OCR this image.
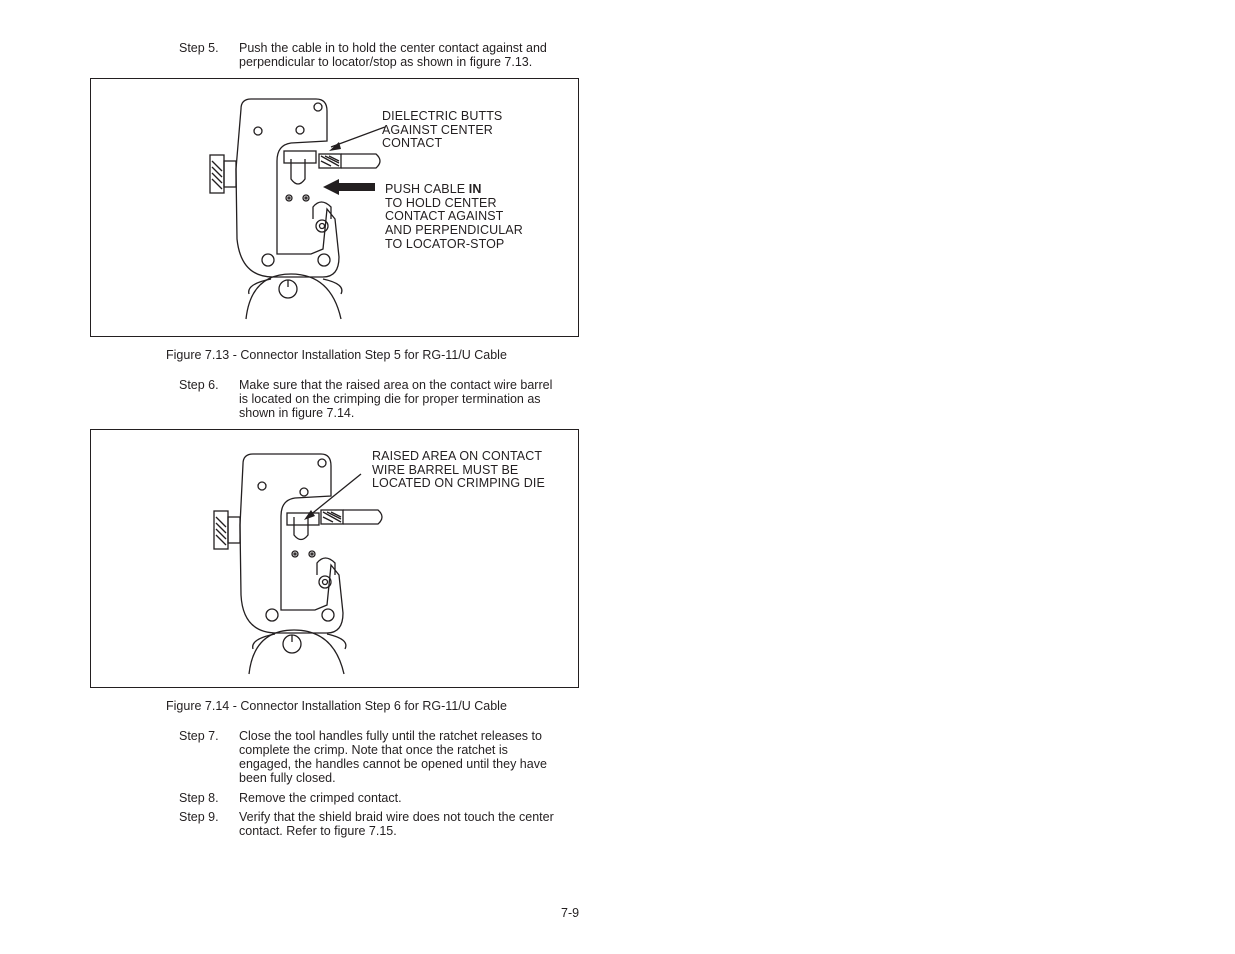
Step 5.	Push the cable in to hold the center contact against and
perpendicular to locator/stop as shown in figure 7.13.
DIELECTRIC BUTTS
AGAINST CENTER
CONTACT
PUSH CABLE IN
TO HOLD CENTER
CONTACT AGAINST
AND PERPENDICULAR
TO LOCATOR-STOP
Figure 7.13 - Connector Installation Step 5 for RG-11/U Cable
Step 6.	Make sure that the raised area on the contact wire barrel
is located on the crimping die for proper termination as
shown in figure 7.14.
RAISED AREA ON CONTACT
WIRE BARREL MUST BE
LOCATED ON CRIMPING DIE
Figure 7.14 - Connector Installation Step 6 for RG-11/U Cable
Step 7.	Close the tool handles fully until the ratchet releases to
complete the crimp. Note that once the ratchet is
engaged, the handles cannot be opened until they have
been fully closed.
Step 8.	Remove the crimped contact.
Step 9.	Verify that the shield braid wire does not touch the center
contact. Refer to figure 7.15.
7-9
